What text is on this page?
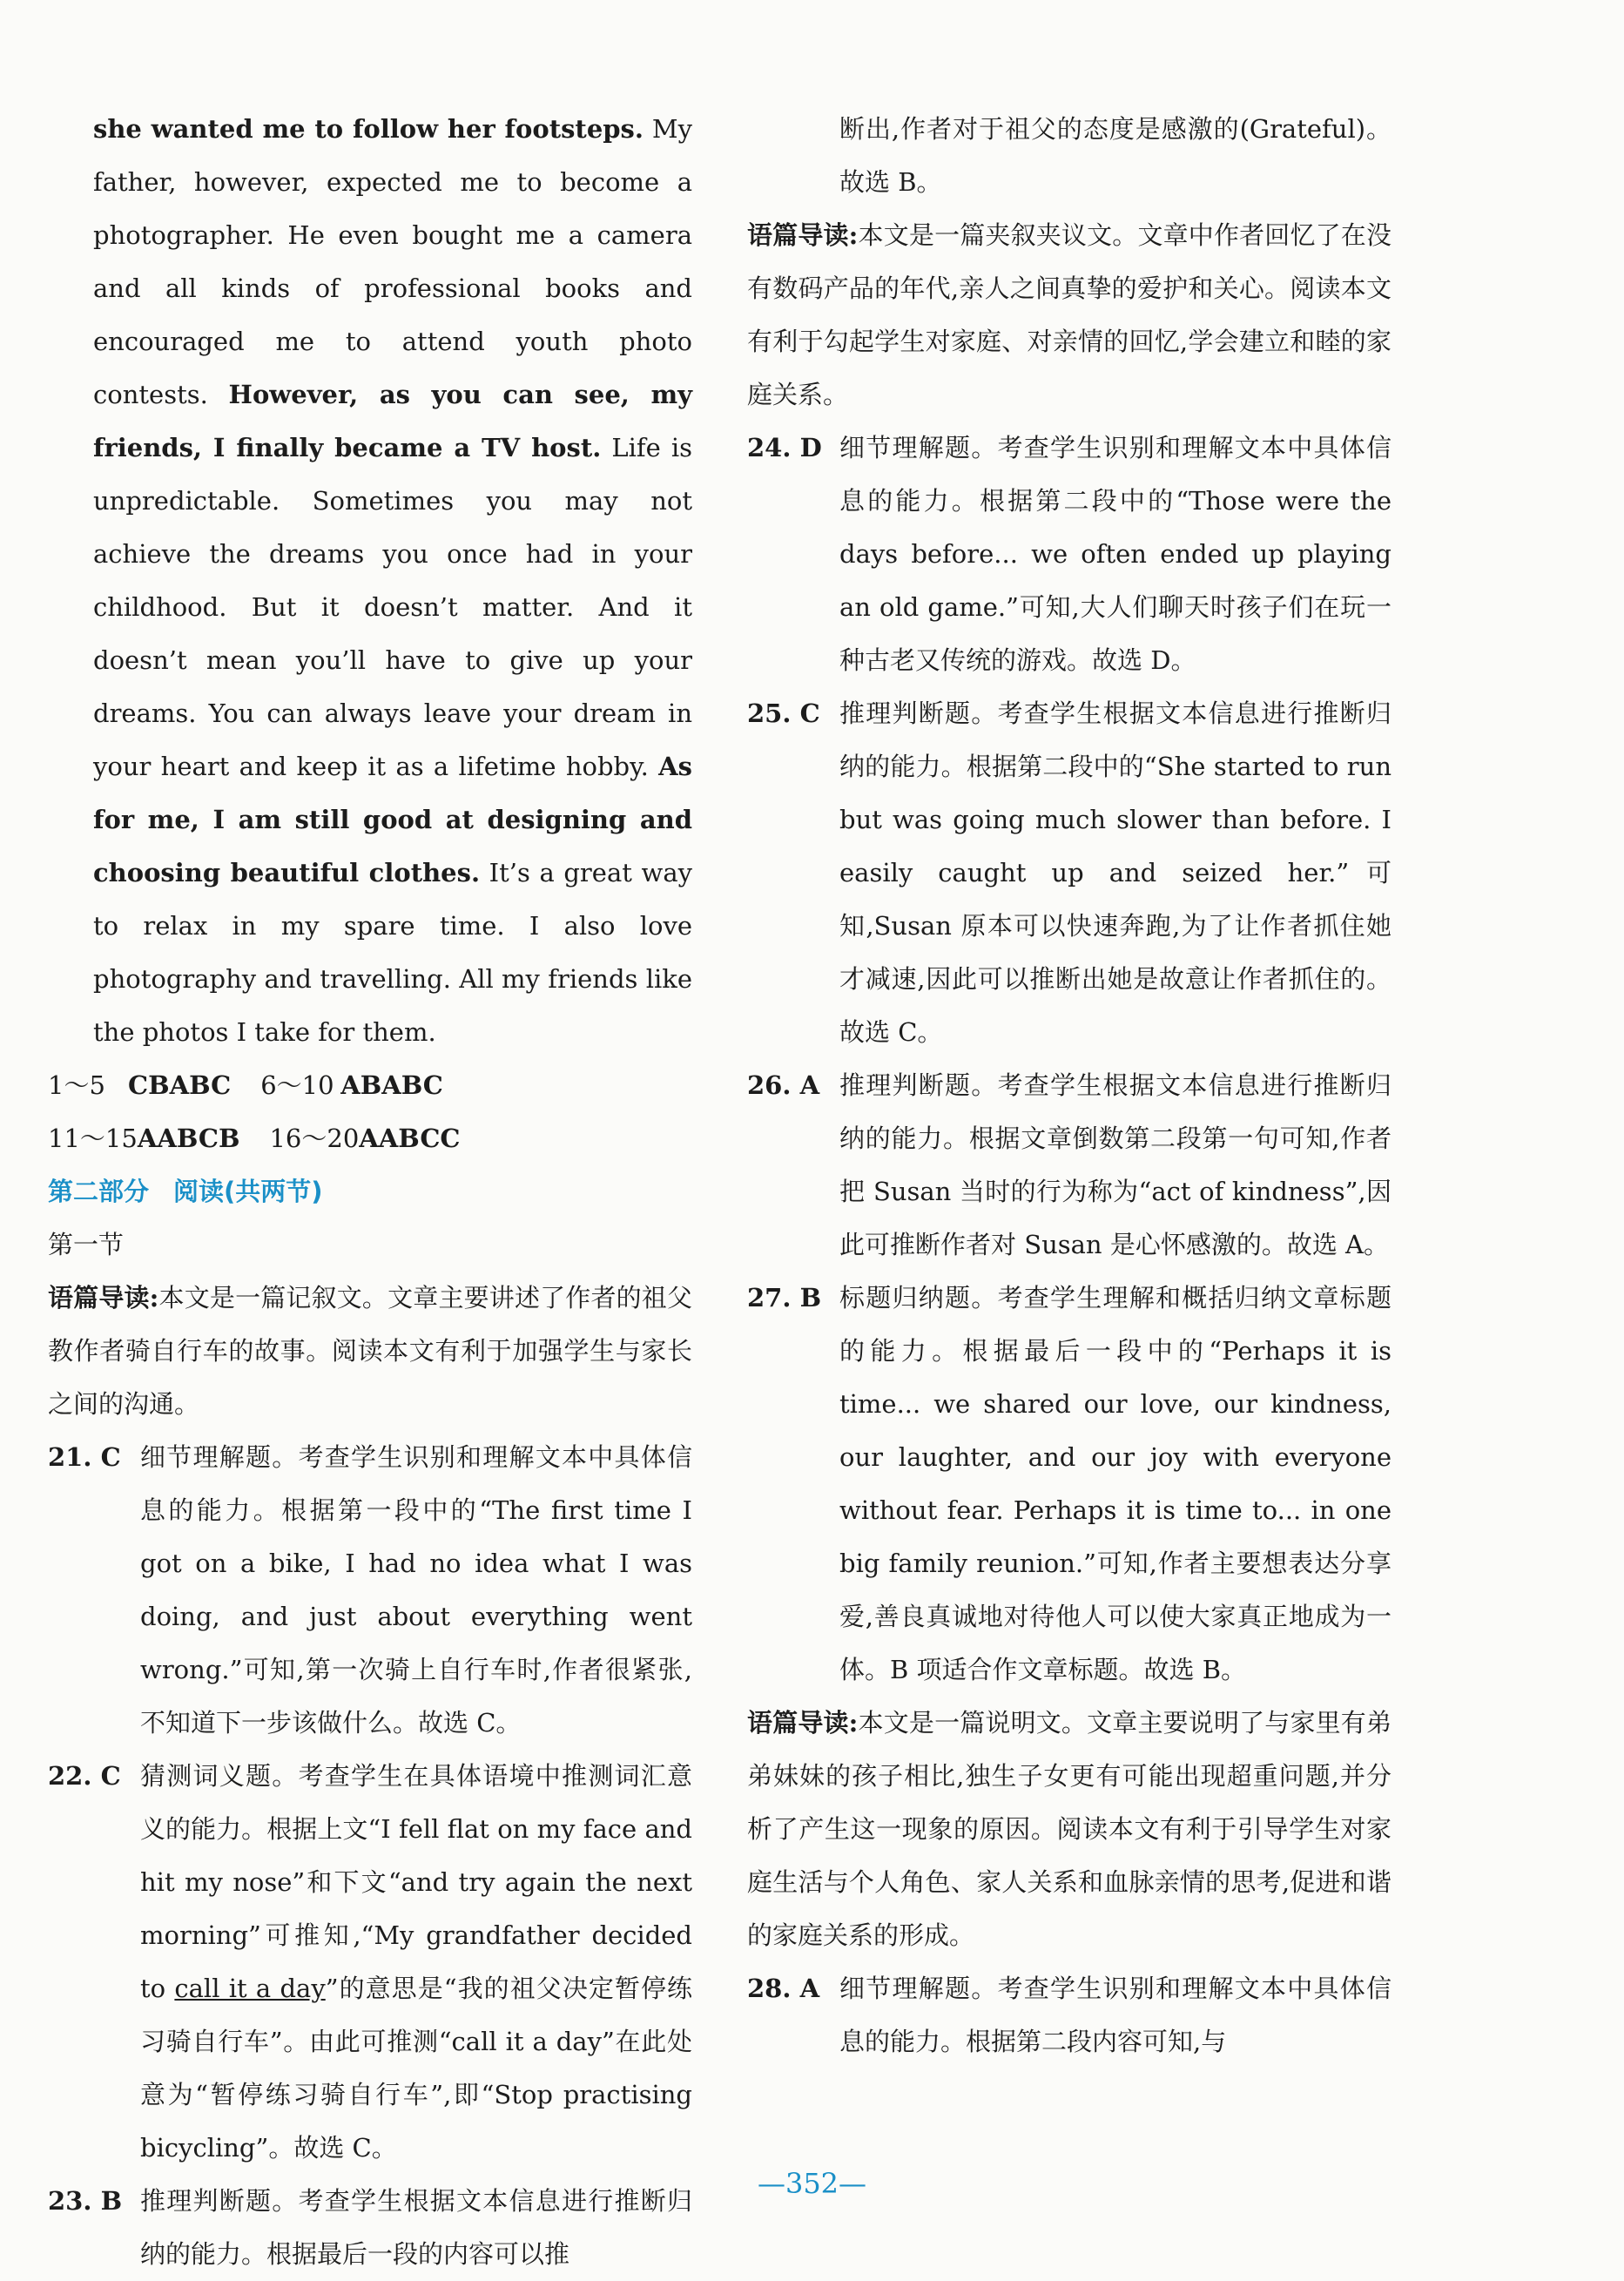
she wanted me to follow her footsteps. My father, however, expected me to become a photographer. He even bought me a camera and all kinds of professional books and encouraged me to attend youth photo contests. However, as you can see, my friends, I finally became a TV host. Life is unpredictable. Sometimes you may not achieve the dreams you once had in your childhood. But it doesn’t matter. And it doesn’t mean you’ll have to give up your dreams. You can always leave your dream in your heart and keep it as a lifetime hobby. As for me, I am still good at designing and choosing beautiful clothes. It’s a great way to relax in my spare time. I also love photography and travelling. All my friends like the photos I take for them.
1～5 CBABC 6～10 ABABC
11～15AABCB 16～20AABCC
第二部分 阅读(共两节)
第一节
语篇导读:本文是一篇记叙文。文章主要讲述了作者的祖父教作者骑自行车的故事。阅读本文有利于加强学生与家长之间的沟通。
21. C 细节理解题。考查学生识别和理解文本中具体信息的能力。根据第一段中的“The first time I got on a bike, I had no idea what I was doing, and just about everything went wrong.”可知,第一次骑上自行车时,作者很紧张,不知道下一步该做什么。故选 C。
22. C 猜测词义题。考查学生在具体语境中推测词汇意义的能力。根据上文“I fell flat on my face and hit my nose”和下文“and try again the next morning”可推知,“My grandfather decided to call it a day”的意思是“我的祖父决定暂停练习骑自行车”。由此可推测“call it a day”在此处意为“暂停练习骑自行车”,即“Stop practising bicycling”。故选 C。
23. B 推理判断题。考查学生根据文本信息进行推断归纳的能力。根据最后一段的内容可以推
断出,作者对于祖父的态度是感激的(Grateful)。故选 B。
语篇导读:本文是一篇夹叙夹议文。文章中作者回忆了在没有数码产品的年代,亲人之间真挚的爱护和关心。阅读本文有利于勾起学生对家庭、对亲情的回忆,学会建立和睦的家庭关系。
24. D 细节理解题。考查学生识别和理解文本中具体信息的能力。根据第二段中的“Those were the days before... we often ended up playing an old game.”可知,大人们聊天时孩子们在玩一种古老又传统的游戏。故选 D。
25. C 推理判断题。考查学生根据文本信息进行推断归纳的能力。根据第二段中的“She started to run but was going much slower than before. I easily caught up and seized her.”可知,Susan 原本可以快速奔跑,为了让作者抓住她才减速,因此可以推断出她是故意让作者抓住的。故选 C。
26. A 推理判断题。考查学生根据文本信息进行推断归纳的能力。根据文章倒数第二段第一句可知,作者把 Susan 当时的行为称为“act of kindness”,因此可推断作者对 Susan 是心怀感激的。故选 A。
27. B 标题归纳题。考查学生理解和概括归纳文章标题的能力。根据最后一段中的“Perhaps it is time... we shared our love, our kindness, our laughter, and our joy with everyone without fear. Perhaps it is time to... in one big family reunion.”可知,作者主要想表达分享爱,善良真诚地对待他人可以使大家真正地成为一体。B 项适合作文章标题。故选 B。
语篇导读:本文是一篇说明文。文章主要说明了与家里有弟弟妹妹的孩子相比,独生子女更有可能出现超重问题,并分析了产生这一现象的原因。阅读本文有利于引导学生对家庭生活与个人角色、家人关系和血脉亲情的思考,促进和谐的家庭关系的形成。
28. A 细节理解题。考查学生识别和理解文本中具体信息的能力。根据第二段内容可知,与
—352—
